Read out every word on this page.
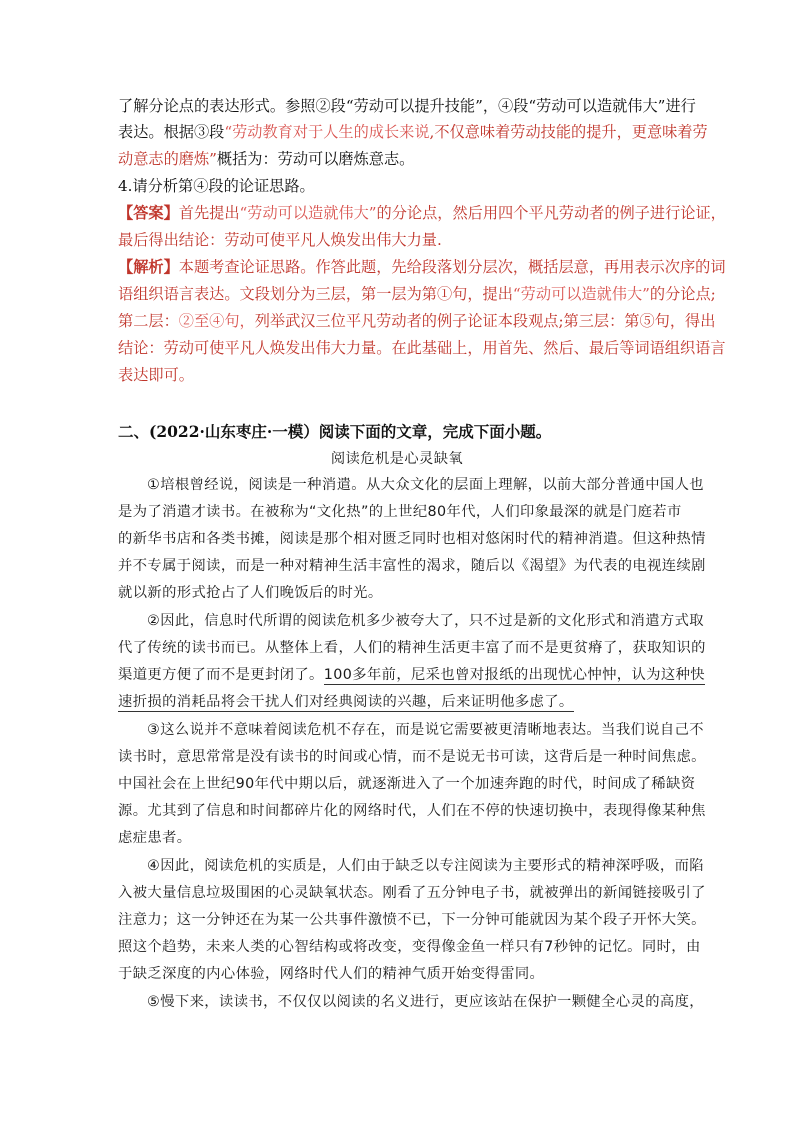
了解分论点的表达形式。参照②段“劳动可以提升技能”，④段“劳动可以造就伟大”进行
表达。根据③段“劳动教育对于人生的成长来说,不仅意味着劳动技能的提升，更意味着劳
动意志的磨炼”概括为：劳动可以磨炼意志。
4.请分析第④段的论证思路。
【答案】首先提出“劳动可以造就伟大”的分论点，然后用四个平凡劳动者的例子进行论证，
最后得出结论：劳动可使平凡人焕发出伟大力量.
【解析】本题考查论证思路。作答此题，先给段落划分层次，概括层意，再用表示次序的词
语组织语言表达。文段划分为三层，第一层为第①句，提出“劳动可以造就伟大”的分论点;
第二层：②至④句，列举武汉三位平凡劳动者的例子论证本段观点;第三层：第⑤句，得出
结论：劳动可使平凡人焕发出伟大力量。在此基础上，用首先、然后、最后等词语组织语言
表达即可。
二、(2022·山东枣庄·一模）阅读下面的文章，完成下面小题。
阅读危机是心灵缺氧
①培根曾经说，阅读是一种消遣。从大众文化的层面上理解，以前大部分普通中国人也
是为了消遣才读书。在被称为“文化热”的上世纪80年代，人们印象最深的就是门庭若市
的新华书店和各类书摊，阅读是那个相对匮乏同时也相对悠闲时代的精神消遣。但这种热情
并不专属于阅读，而是一种对精神生活丰富性的渴求，随后以《渴望》为代表的电视连续剧
就以新的形式抢占了人们晚饭后的时光。
②因此，信息时代所谓的阅读危机多少被夸大了，只不过是新的文化形式和消遣方式取
代了传统的读书而已。从整体上看，人们的精神生活更丰富了而不是更贫瘠了，获取知识的
渠道更方便了而不是更封闭了。100多年前，尼采也曾对报纸的出现忧心忡忡，认为这种快
速折损的消耗品将会干扰人们对经典阅读的兴趣，后来证明他多虑了。
③这么说并不意味着阅读危机不存在，而是说它需要被更清晰地表达。当我们说自己不
读书时，意思常常是没有读书的时间或心情，而不是说无书可读，这背后是一种时间焦虑。
中国社会在上世纪90年代中期以后，就逐渐进入了一个加速奔跑的时代，时间成了稀缺资
源。尤其到了信息和时间都碎片化的网络时代，人们在不停的快速切换中，表现得像某种焦
虑症患者。
④因此，阅读危机的实质是，人们由于缺乏以专注阅读为主要形式的精神深呼吸，而陷
入被大量信息垃圾围困的心灵缺氧状态。刚看了五分钟电子书，就被弹出的新闻链接吸引了
注意力；这一分钟还在为某一公共事件激愤不已，下一分钟可能就因为某个段子开怀大笑。
照这个趋势，未来人类的心智结构或将改变，变得像金鱼一样只有7秒钟的记忆。同时，由
于缺乏深度的内心体验，网络时代人们的精神气质开始变得雷同。
⑤慢下来，读读书，不仅仅以阅读的名义进行，更应该站在保护一颗健全心灵的高度，
